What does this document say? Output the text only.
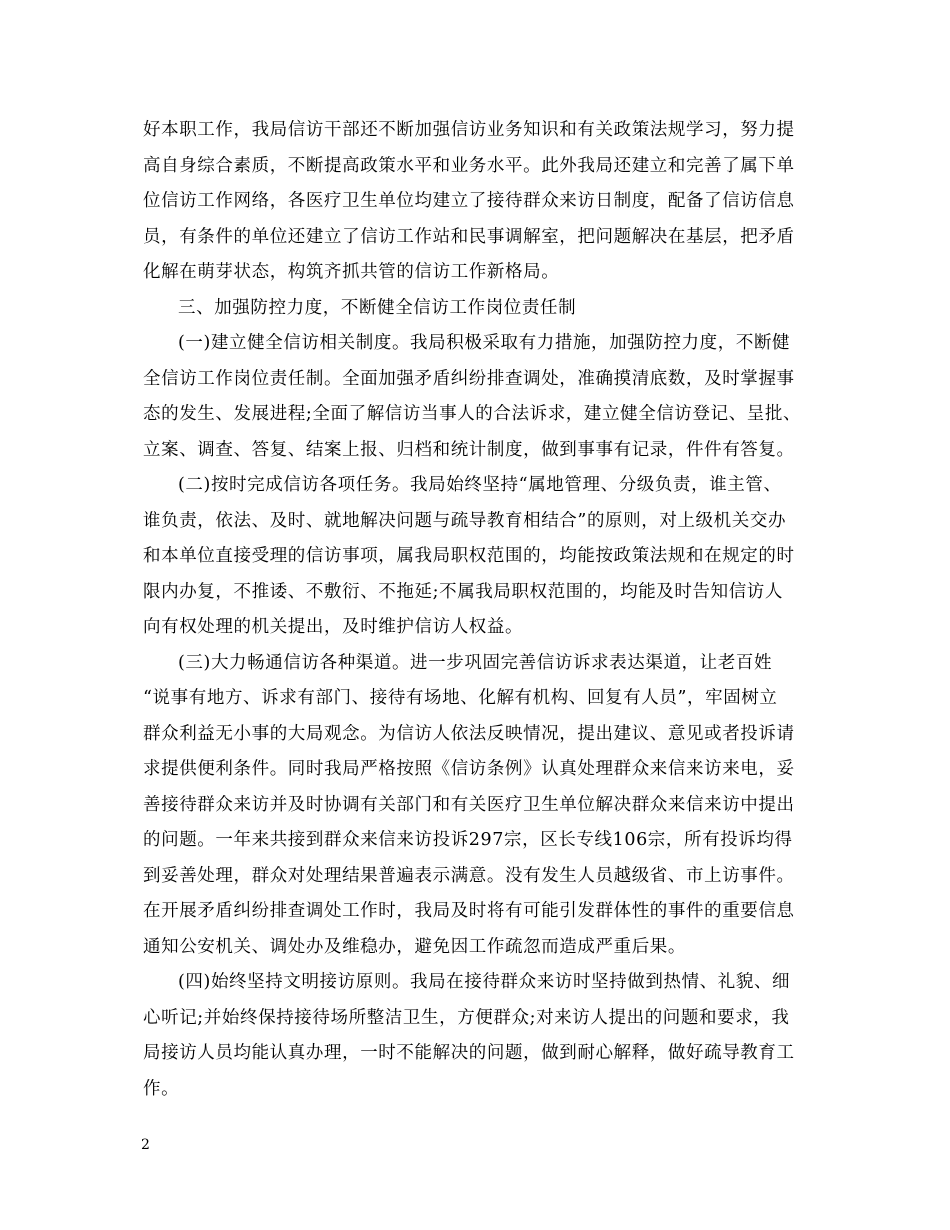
好本职工作，我局信访干部还不断加强信访业务知识和有关政策法规学习，努力提
高自身综合素质，不断提高政策水平和业务水平。此外我局还建立和完善了属下单
位信访工作网络，各医疗卫生单位均建立了接待群众来访日制度，配备了信访信息
员，有条件的单位还建立了信访工作站和民事调解室，把问题解决在基层，把矛盾
化解在萌芽状态，构筑齐抓共管的信访工作新格局。
三、加强防控力度，不断健全信访工作岗位责任制
(一)建立健全信访相关制度。我局积极采取有力措施，加强防控力度，不断健
全信访工作岗位责任制。全面加强矛盾纠纷排查调处，准确摸清底数，及时掌握事
态的发生、发展进程;全面了解信访当事人的合法诉求，建立健全信访登记、呈批、
立案、调查、答复、结案上报、归档和统计制度，做到事事有记录，件件有答复。
(二)按时完成信访各项任务。我局始终坚持“属地管理、分级负责，谁主管、
谁负责，依法、及时、就地解决问题与疏导教育相结合”的原则，对上级机关交办
和本单位直接受理的信访事项，属我局职权范围的，均能按政策法规和在规定的时
限内办复，不推诿、不敷衍、不拖延;不属我局职权范围的，均能及时告知信访人
向有权处理的机关提出，及时维护信访人权益。
(三)大力畅通信访各种渠道。进一步巩固完善信访诉求表达渠道，让老百姓
“说事有地方、诉求有部门、接待有场地、化解有机构、回复有人员”，牢固树立
群众利益无小事的大局观念。为信访人依法反映情况，提出建议、意见或者投诉请
求提供便利条件。同时我局严格按照《信访条例》认真处理群众来信来访来电，妥
善接待群众来访并及时协调有关部门和有关医疗卫生单位解决群众来信来访中提出
的问题。一年来共接到群众来信来访投诉297宗，区长专线106宗，所有投诉均得
到妥善处理，群众对处理结果普遍表示满意。没有发生人员越级省、市上访事件。
在开展矛盾纠纷排查调处工作时，我局及时将有可能引发群体性的事件的重要信息
通知公安机关、调处办及维稳办，避免因工作疏忽而造成严重后果。
(四)始终坚持文明接访原则。我局在接待群众来访时坚持做到热情、礼貌、细
心听记;并始终保持接待场所整洁卫生，方便群众;对来访人提出的问题和要求，我
局接访人员均能认真办理，一时不能解决的问题，做到耐心解释，做好疏导教育工
作。
2
